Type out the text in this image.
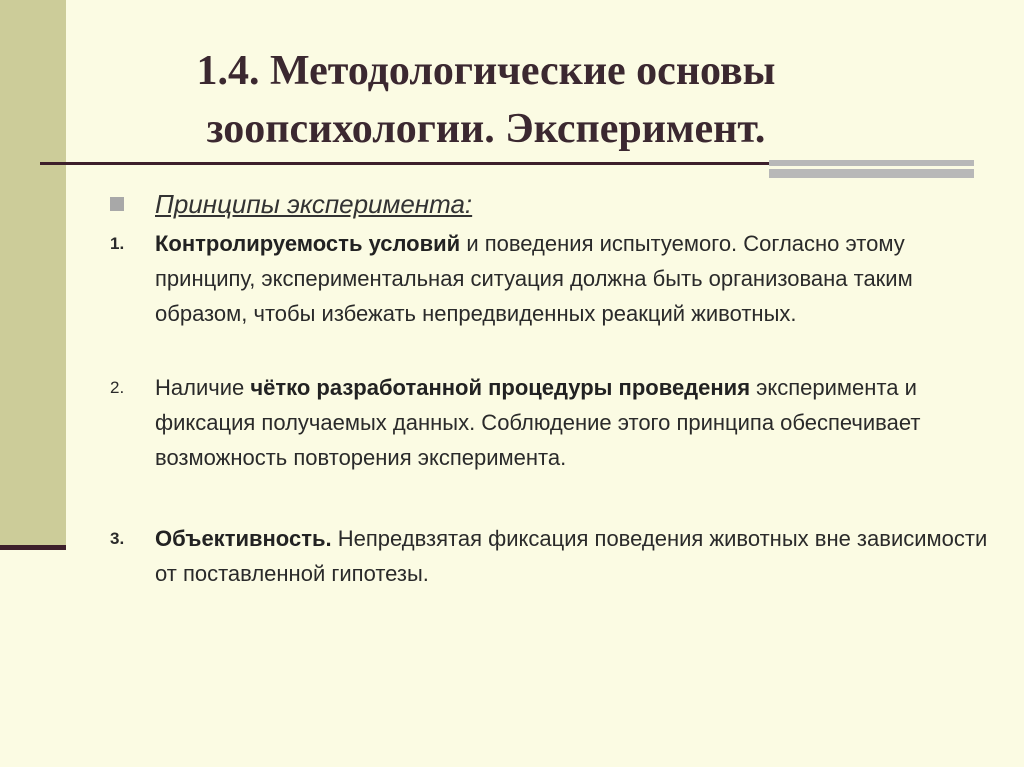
1.4. Методологические основы
зоопсихологии. Эксперимент.
Принципы эксперимента:
1. Контролируемость условий и поведения испытуемого. Согласно этому принципу, экспериментальная ситуация должна быть организована таким образом, чтобы избежать непредвиденных реакций животных.
2. Наличие чётко разработанной процедуры проведения эксперимента и фиксация получаемых данных. Соблюдение этого принципа обеспечивает возможность повторения эксперимента.
3. Объективность. Непредвзятая фиксация поведения животных вне зависимости от поставленной гипотезы.
